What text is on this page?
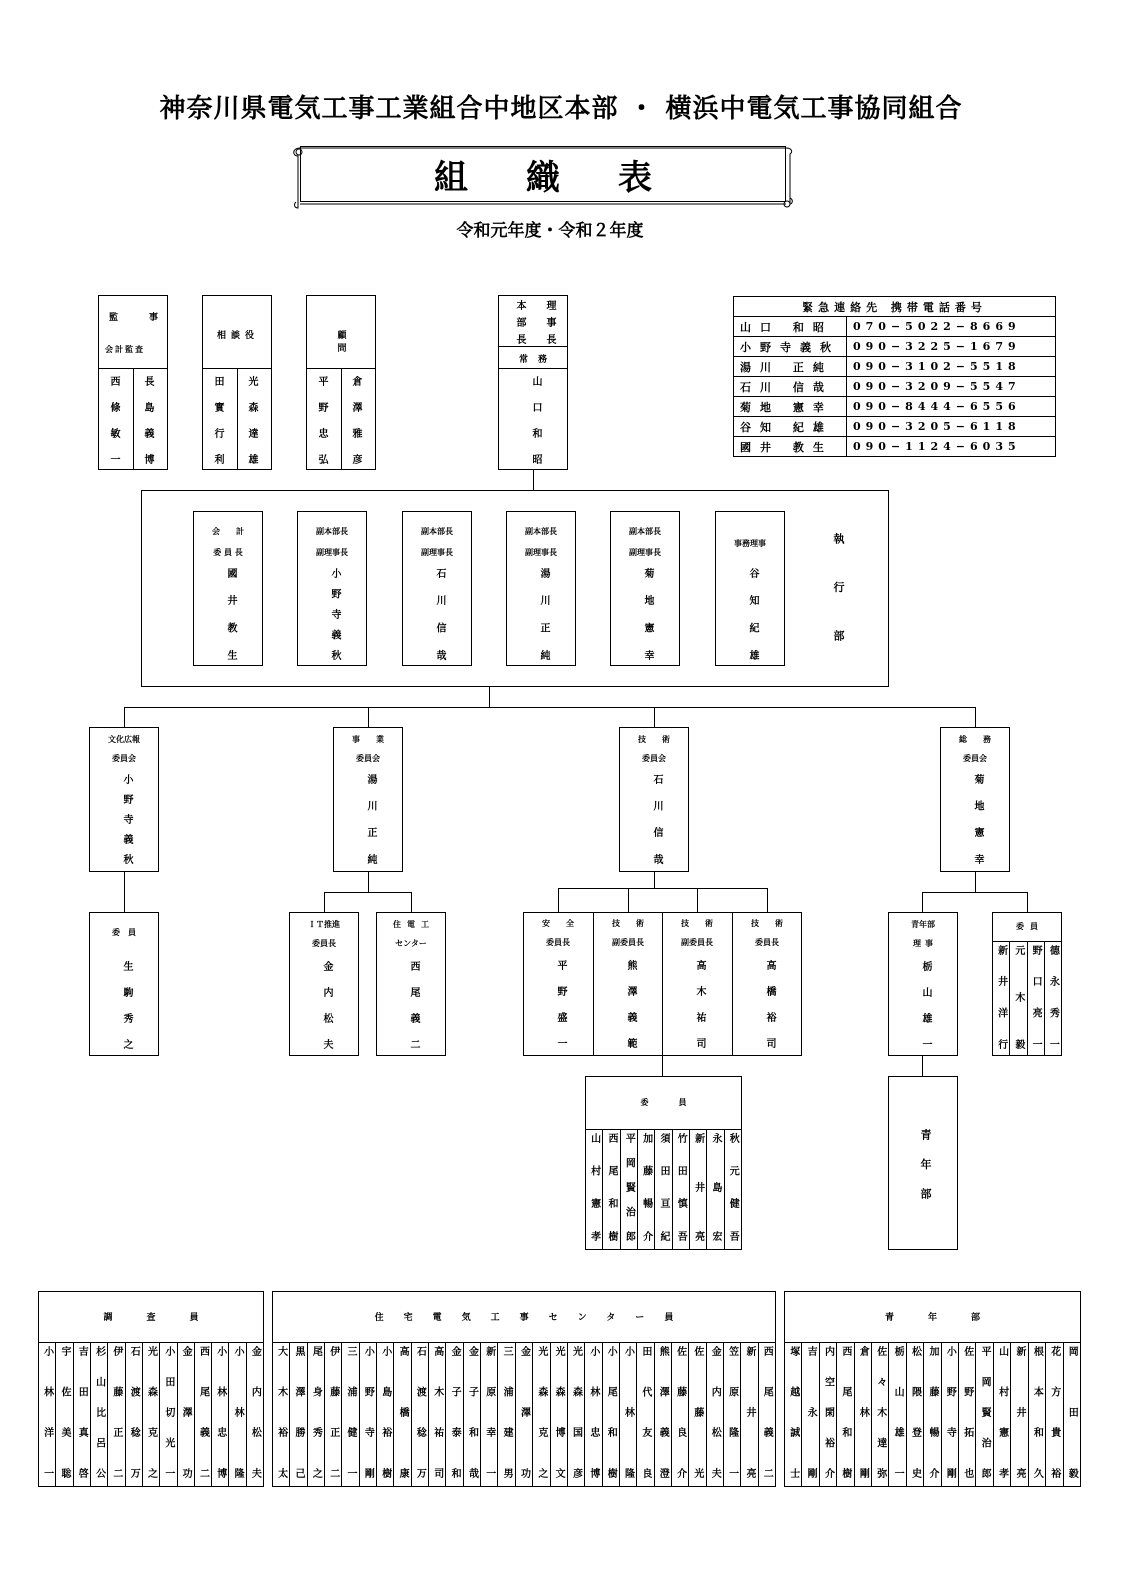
神奈川県電気工事工業組合中地区本部 ・ 横浜中電気工事協同組合
組織表
令和元年度・令和２年度
監	事
会計監査
長島義博
西條敏一
相談役
光森達雄
田實行利
顧問
倉澤雅彦
平野忠弘
理事長
本部長
常務
山口和昭
緊急連絡先 携帯電話番号	
山口 和昭	070−5022−8669
小野寺義秋	090−3225−1679
湯川 正純	090−3102−5518
石川 信哉	090−3209−5547
菊地 憲幸	090−8444−6556
谷知 紀雄	090−3205−6118
國井 教生	090−1124−6035
執行部
会　　計
委 員 長
國井教生
副本部長
副理事長
小野寺義秋
副本部長
副理事長
石川信哉
副本部長
副理事長
湯川正純
副本部長
副理事長
菊地憲幸
事務理事
谷知紀雄
文化広報
委員会
小野寺義秋
事　　業
委員会
湯川正純
技　　術
委員会
石川信哉
総　　務
委員会
菊地憲幸
委員
生駒秀之
ＩＴ推進
委員長
金内松夫
住電工
センター
西尾義二
安　　全
委員長
平野盛一
技　　術
副委員長
熊澤義範
技　　術
副委員長
高木祐司
技　　術
委員長
高橋裕司
青年部
理事
栃山雄一
委員
德永秀一
野口亮一
元木毅
新井洋行
委員
山村憲孝 西尾和樹 平岡賢治郎 加藤暢介 須田亘紀 竹田慎吾 新井亮 永島宏 秋元健吾	青年部
調査員
小林洋一 宇佐美聡 吉田真啓 杉山比呂公 伊藤正二 石渡稔万 光森克之 小田切光一 金澤功 西尾義二 小林忠博 小林隆 金内松夫
住宅電気工事センター員
大木裕太 黒澤勝己 尾身秀之 伊藤正二 三浦健一 小野寺剛 小島裕樹 高橋康 石渡稔万 高木祐司 金子泰和 金子和哉 新原幸一 三浦建男 金澤功 光森克之 光森博文 光森国彦 小林忠博 小尾和樹 小林隆 田代友良 熊澤義澄 佐藤良介 佐藤光 金内松夫 笠原隆一 新井亮 西尾義二
青年部
塚越誠士 吉永剛 内空閑裕介 西尾和樹 倉林剛 佐々木達弥 栃山雄一 松隈登史 加藤暢介 小野寺剛 佐野拓也 平岡賢治郎 山村憲孝 新井亮 根本和久 花方貴裕 岡田毅
